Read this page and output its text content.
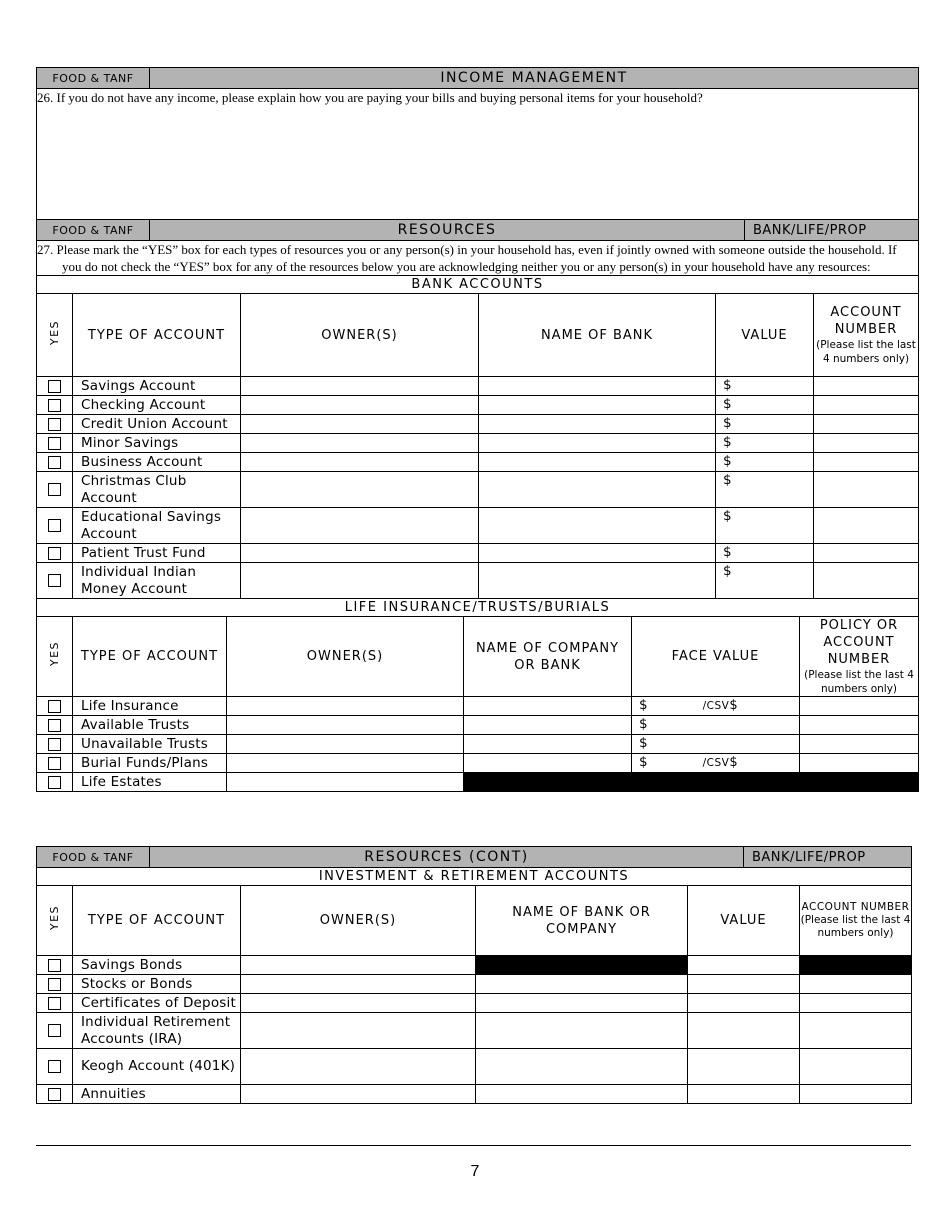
FOOD & TANF	INCOME MANAGEMENT	
26. If you do not have any income, please explain how you are paying your bills and buying personal items for your household?		
FOOD & TANF	RESOURCES	BANK/LIFE/PROP

27. Please mark the “YES” box for each types of resources you or any person(s) in your household has, even if jointly owned with someone outside the household. If you do not check the “YES” box for any of the resources below you are acknowledging neither you or any person(s) in your household have any resources:		
BANK ACCOUNTS					
YES	TYPE OF ACCOUNT	OWNER(S)	NAME OF BANK	VALUE	ACCOUNT NUMBER
(Please list the last 4 numbers only)

	Savings Account			$	
	Checking Account			$	
	Credit Union Account			$	
	Minor Savings			$	
	Business Account			$	
	Christmas Club Account			$	
	Educational Savings Account			$	
	Patient Trust Fund			$	
	Individual Indian Money Account			$	
LIFE INSURANCE/TRUSTS/BURIALS					
YES	TYPE OF ACCOUNT	OWNER(S)	NAME OF COMPANY OR BANK	FACE VALUE	POLICY OR ACCOUNT NUMBER
(Please list the last 4 numbers only)

	Life Insurance			$ /CSV$	
	Available Trusts			$	
	Unavailable Trusts			$	
	Burial Funds/Plans			$ /CSV$	
	Life Estates				
FOOD & TANF	RESOURCES (CONT)	BANK/LIFE/PROP
INVESTMENT & RETIREMENT ACCOUNTS					
YES	TYPE OF ACCOUNT	OWNER(S)	NAME OF BANK OR COMPANY	VALUE	ACCOUNT NUMBER
(Please list the last 4 numbers only)

	Savings Bonds				
	Stocks or Bonds				
	Certificates of Deposit				
	Individual Retirement Accounts (IRA)				
	Keogh Account (401K)				
	Annuities				
7
